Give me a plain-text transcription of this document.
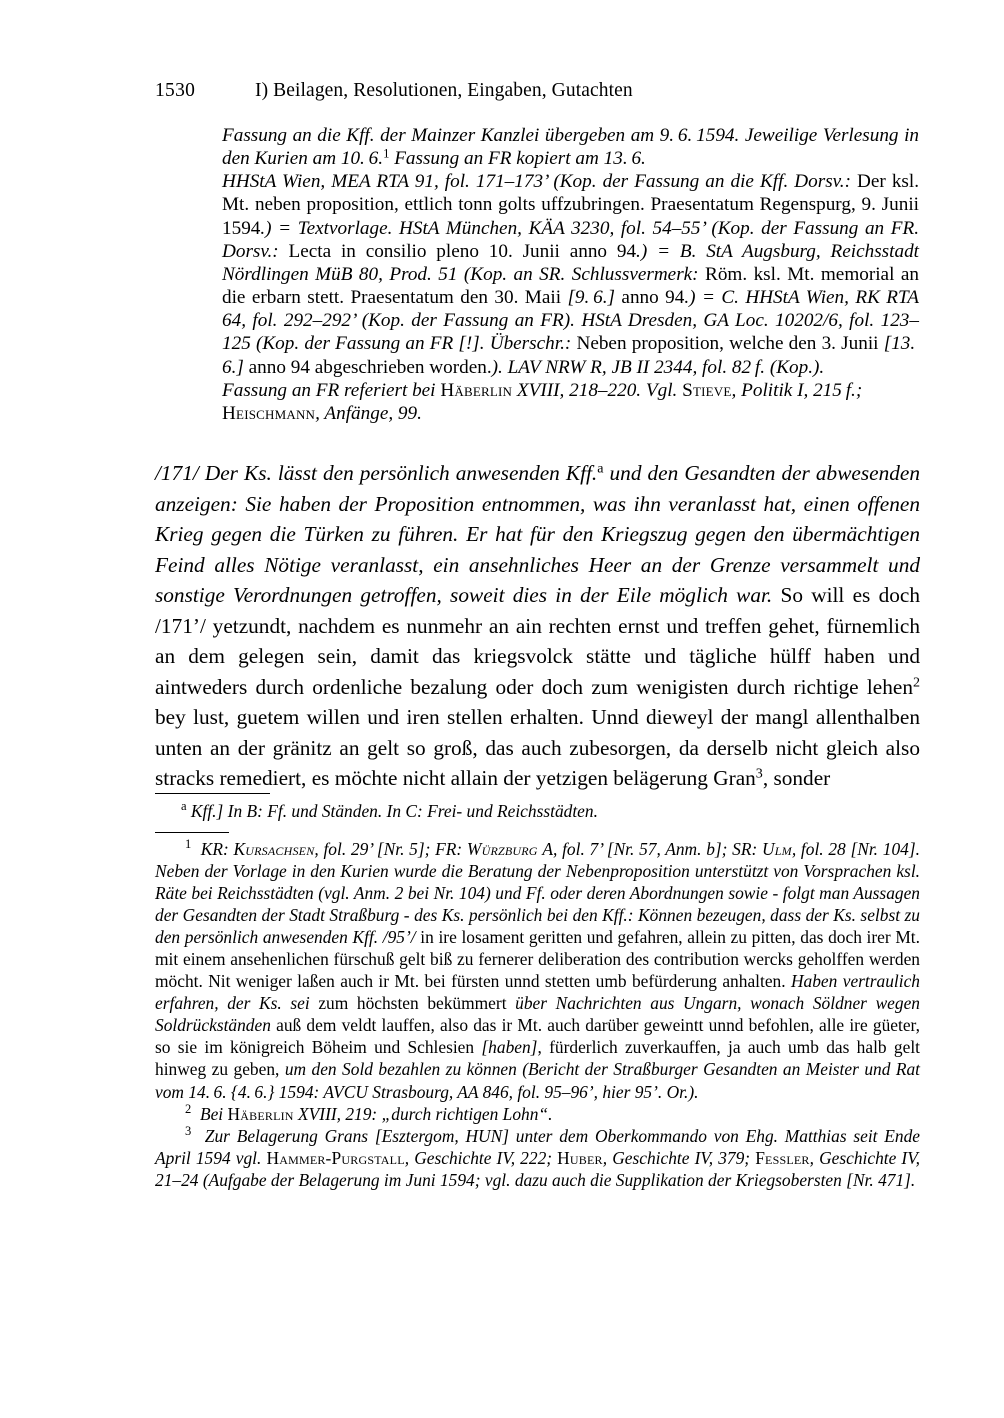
1530	I) Beilagen, Resolutionen, Eingaben, Gutachten

Fassung an die Kff. der Mainzer Kanzlei übergeben am 9. 6. 1594. Jeweilige Verlesung in den Kurien am 10. 6.$^1$ Fassung an FR kopiert am 13. 6.

HHStA Wien, MEA RTA 91, fol. 171–173’ (Kop. der Fassung an die Kff. Dorsv.: Der ksl. Mt. neben proposition, ettlich tonn golts uffzubringen. Praesentatum Regenspurg, 9. Junii 1594.) = Textvorlage. HStA München, KÄA 3230, fol. 54–55’ (Kop. der Fassung an FR. Dorsv.: Lecta in consilio pleno 10. Junii anno 94.) = B. StA Augsburg, Reichsstadt Nördlingen MüB 80, Prod. 51 (Kop. an SR. Schlussvermerk: Röm. ksl. Mt. memorial an die erbarn stett. Praesentatum den 30. Maii [9. 6.] anno 94.) = C. HHStA Wien, RK RTA 64, fol. 292–292’ (Kop. der Fassung an FR). HStA Dresden, GA Loc. 10202/6, fol. 123–125 (Kop. der Fassung an FR [!]. Überschr.: Neben proposition, welche den 3. Junii [13. 6.] anno 94 abgeschrieben worden.). LAV NRW R, JB II 2344, fol. 82 f. (Kop.).

Fassung an FR referiert bei Häberlin XVIII, 218–220. Vgl. Stieve, Politik I, 215 f.; Heischmann, Anfänge, 99.

/171/ Der Ks. lässt den persönlich anwesenden Kff.$^a$ und den Gesandten der abwesenden anzeigen: Sie haben der Proposition entnommen, was ihn veranlasst hat, einen offenen Krieg gegen die Türken zu führen. Er hat für den Kriegszug gegen den übermächtigen Feind alles Nötige veranlasst, ein ansehnliches Heer an der Grenze versammelt und sonstige Verordnungen getroffen, soweit dies in der Eile möglich war. So will es doch /171’/ yetzundt, nachdem es nunmehr an ain rechten ernst und treffen gehet, fürnemlich an dem gelegen sein, damit das kriegsvolck stätte und tägliche hülff haben und aintweders durch ordenliche bezalung oder doch zum wenigisten durch richtige lehen$^2$ bey lust, guetem willen und iren stellen erhalten. Unnd dieweyl der mangl allenthalben unten an der gränitz an gelt so groß, das auch zubesorgen, da derselb nicht gleich also stracks remediert, es möchte nicht allain der yetzigen belägerung Gran$^3$, sonder

$^a$ Kff.] In B: Ff. und Ständen. In C: Frei- und Reichsstädten.

$^1$ KR: Kursachsen, fol. 29’ [Nr. 5]; FR: Würzburg A, fol. 7’ [Nr. 57, Anm. b]; SR: Ulm, fol. 28 [Nr. 104]. Neben der Vorlage in den Kurien wurde die Beratung der Nebenproposition unterstützt von Vorsprachen ksl. Räte bei Reichsstädten (vgl. Anm. 2 bei Nr. 104) und Ff. oder deren Abordnungen sowie - folgt man Aussagen der Gesandten der Stadt Straßburg - des Ks. persönlich bei den Kff.: Können bezeugen, dass der Ks. selbst zu den persönlich anwesenden Kff. /95’/ in ire losament geritten und gefahren, allein zu pitten, das doch irer Mt. mit einem ansehenlichen fürschuß gelt biß zu fernerer deliberation des contribution wercks geholffen werden möcht. Nit weniger laßen auch ir Mt. bei fürsten unnd stetten umb befürderung anhalten. Haben vertraulich erfahren, der Ks. sei zum höchsten bekümmert über Nachrichten aus Ungarn, wonach Söldner wegen Soldrückständen auß dem veldt lauffen, also das ir Mt. auch darüber geweintt unnd befohlen, alle ire güeter, so sie im königreich Böheim und Schlesien [haben], fürderlich zuverkauffen, ja auch umb das halb gelt hinweg zu geben, um den Sold bezahlen zu können (Bericht der Straßburger Gesandten an Meister und Rat vom 14. 6. {4. 6.} 1594: AVCU Strasbourg, AA 846, fol. 95–96’, hier 95’. Or.).

$^2$ Bei Häberlin XVIII, 219: „durch richtigen Lohn“.

$^3$ Zur Belagerung Grans [Esztergom, HUN] unter dem Oberkommando von Ehg. Matthias seit Ende April 1594 vgl. Hammer-Purgstall, Geschichte IV, 222; Huber, Geschichte IV, 379; Fessler, Geschichte IV, 21–24 (Aufgabe der Belagerung im Juni 1594; vgl. dazu auch die Supplikation der Kriegsobersten [Nr. 471].
